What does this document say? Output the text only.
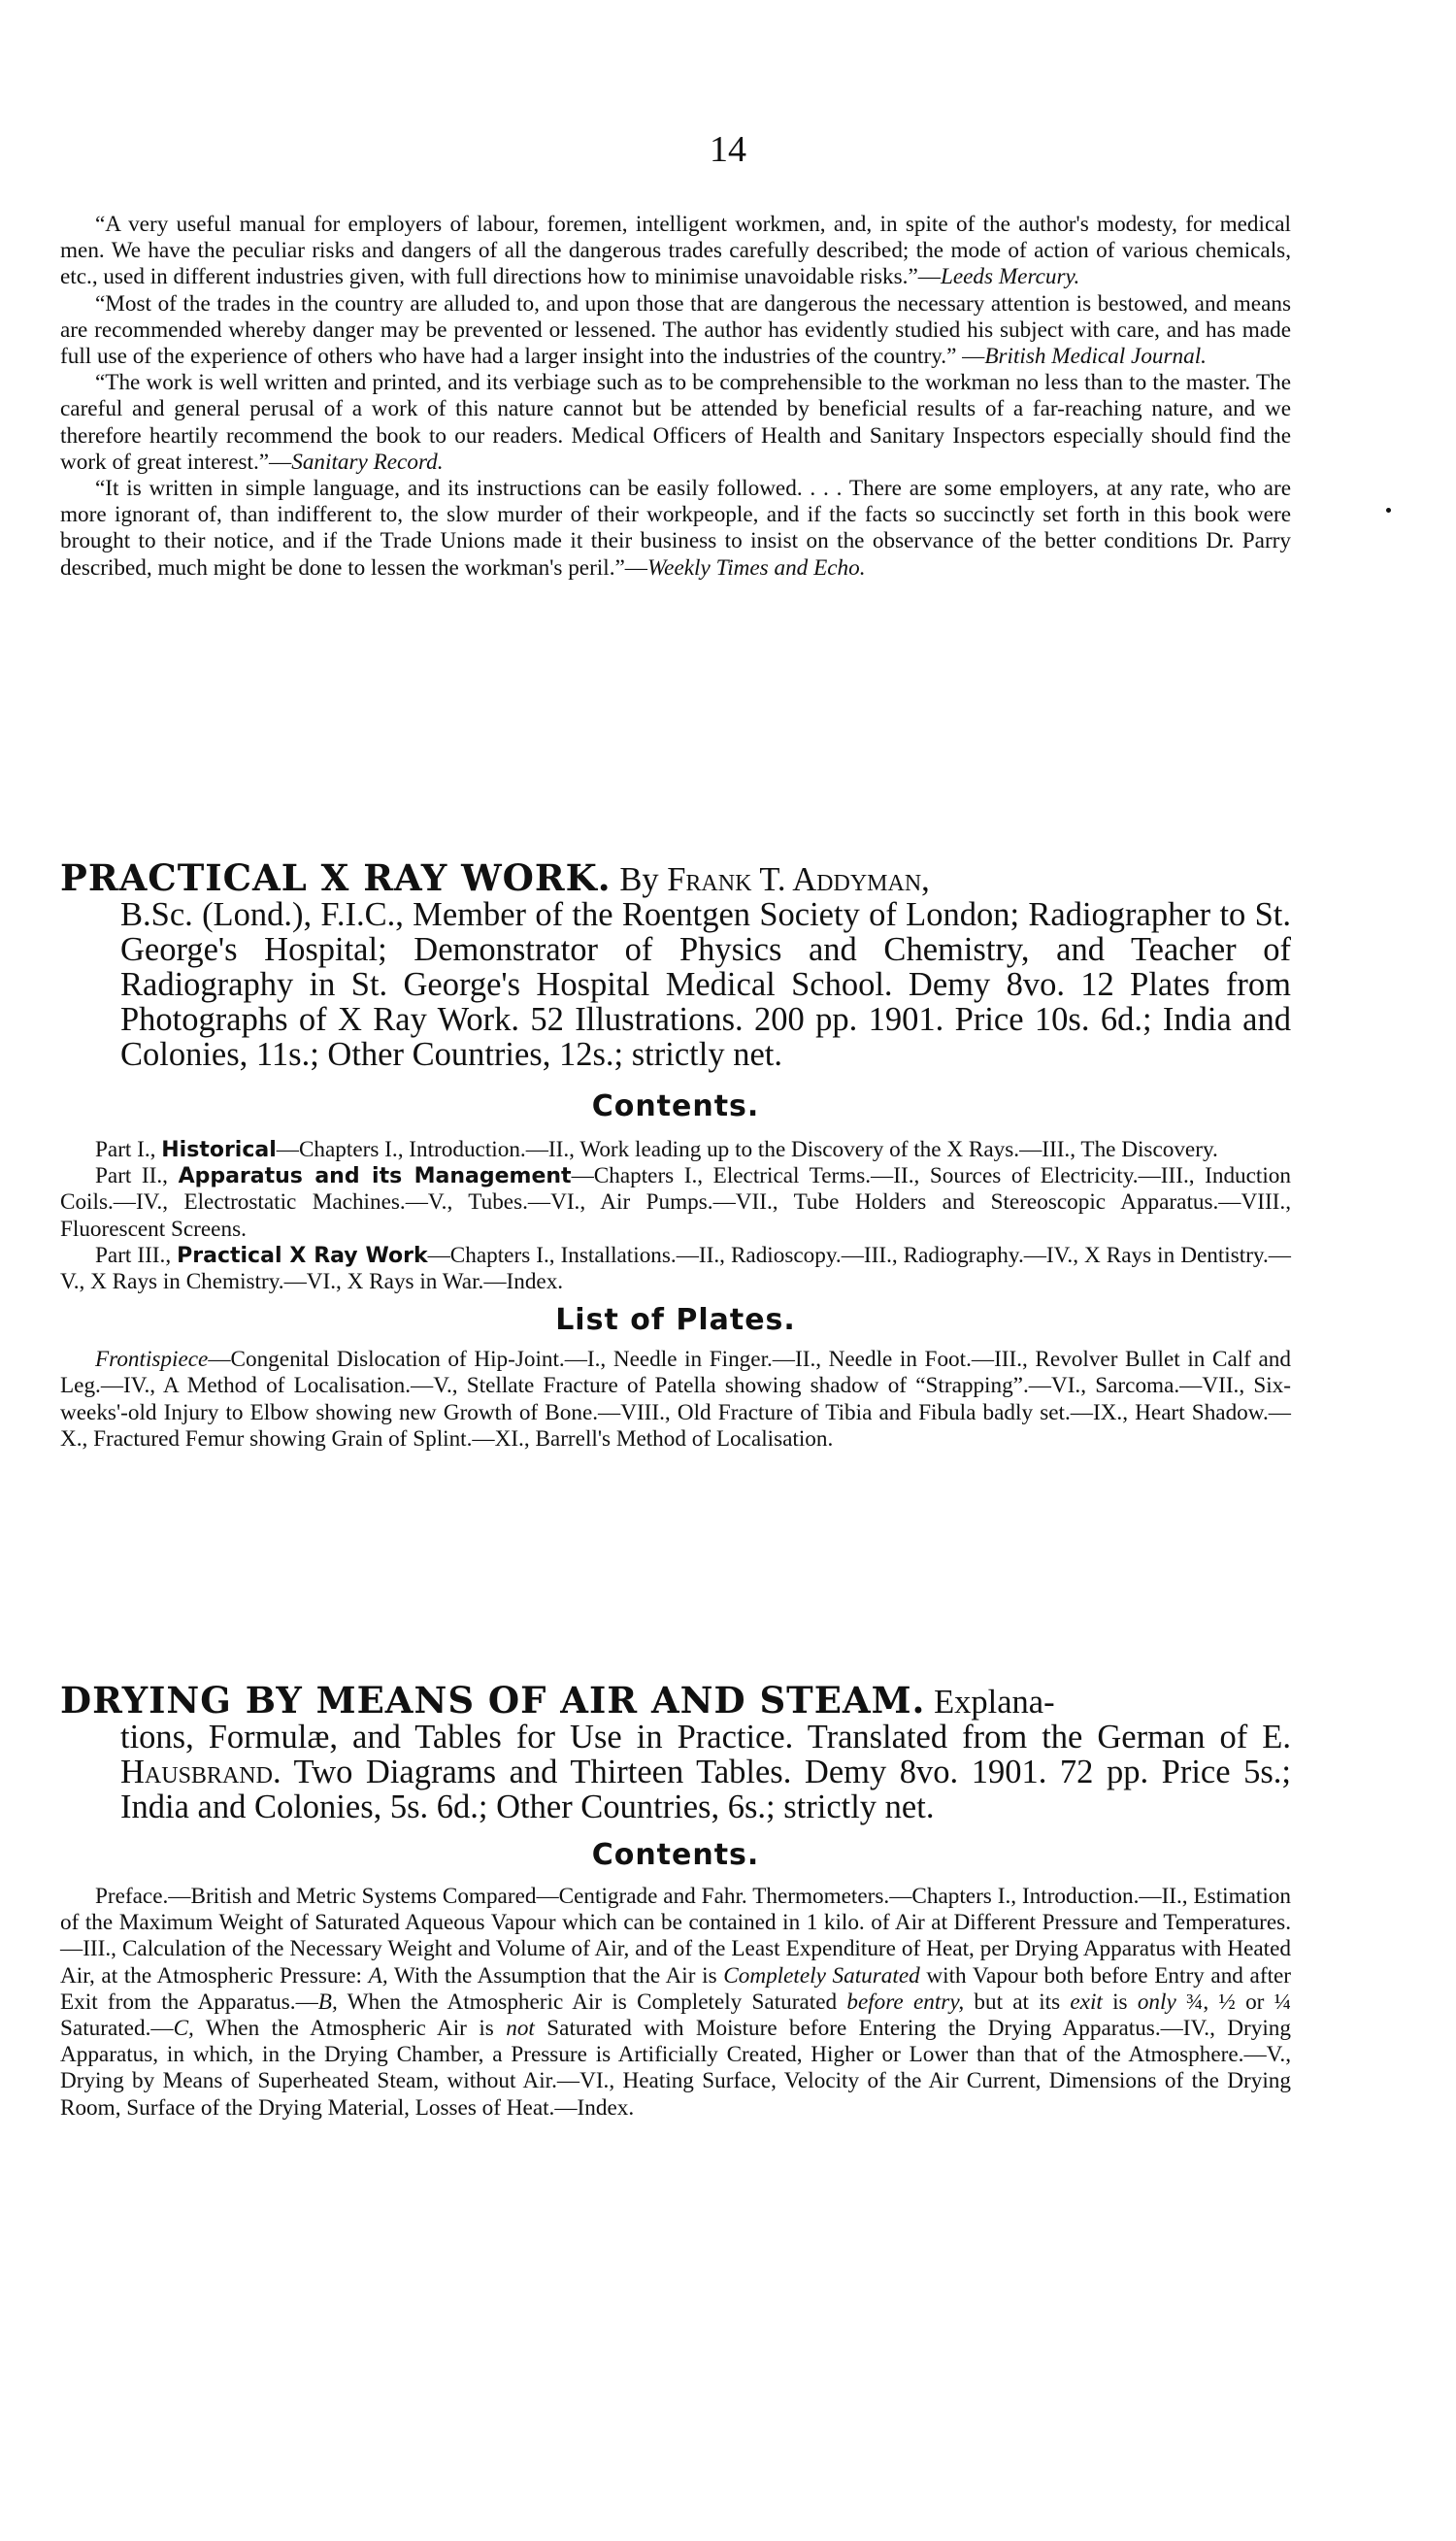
14

“A very useful manual for employers of labour, foremen, intelligent workmen, and, in spite of the author's modesty, for medical men. We have the peculiar risks and dangers of all the dangerous trades carefully described; the mode of action of various chemicals, etc., used in different industries given, with full directions how to minimise unavoidable risks.”—Leeds Mercury.

“Most of the trades in the country are alluded to, and upon those that are dangerous the necessary attention is bestowed, and means are recommended whereby danger may be prevented or lessened. The author has evidently studied his subject with care, and has made full use of the experience of others who have had a larger insight into the industries of the country.” —British Medical Journal.

“The work is well written and printed, and its verbiage such as to be comprehensible to the workman no less than to the master. The careful and general perusal of a work of this nature cannot but be attended by beneficial results of a far-reaching nature, and we therefore heartily recommend the book to our readers. Medical Officers of Health and Sanitary Inspectors especially should find the work of great interest.”—Sanitary Record.

“It is written in simple language, and its instructions can be easily followed. . . . There are some employers, at any rate, who are more ignorant of, than indifferent to, the slow murder of their workpeople, and if the facts so succinctly set forth in this book were brought to their notice, and if the Trade Unions made it their business to insist on the observance of the better conditions Dr. Parry described, much might be done to lessen the workman's peril.”—Weekly Times and Echo.

PRACTICAL X RAY WORK. By Frank T. Addyman,
B.Sc. (Lond.), F.I.C., Member of the Roentgen Society of London; Radiographer to St. George's Hospital; Demonstrator of Physics and Chemistry, and Teacher of Radiography in St. George's Hospital Medical School. Demy 8vo. 12 Plates from Photographs of X Ray Work. 52 Illustrations. 200 pp. 1901. Price 10s. 6d.; India and Colonies, 11s.; Other Countries, 12s.; strictly net.

Contents.

Part I., Historical—Chapters I., Introduction.—II., Work leading up to the Discovery of the X Rays.—III., The Discovery.

Part II., Apparatus and its Management—Chapters I., Electrical Terms.—II., Sources of Electricity.—III., Induction Coils.—IV., Electrostatic Machines.—V., Tubes.—VI., Air Pumps.—VII., Tube Holders and Stereoscopic Apparatus.—VIII., Fluorescent Screens.

Part III., Practical X Ray Work—Chapters I., Installations.—II., Radioscopy.—III., Radiography.—IV., X Rays in Dentistry.—V., X Rays in Chemistry.—VI., X Rays in War.—Index.

List of Plates.

Frontispiece—Congenital Dislocation of Hip-Joint.—I., Needle in Finger.—II., Needle in Foot.—III., Revolver Bullet in Calf and Leg.—IV., A Method of Localisation.—V., Stellate Fracture of Patella showing shadow of “Strapping”.—VI., Sarcoma.—VII., Six-weeks'-old Injury to Elbow showing new Growth of Bone.—VIII., Old Fracture of Tibia and Fibula badly set.—IX., Heart Shadow.—X., Fractured Femur showing Grain of Splint.—XI., Barrell's Method of Localisation.

DRYING BY MEANS OF AIR AND STEAM. Explana-
tions, Formulæ, and Tables for Use in Practice. Translated from the German of E. Hausbrand. Two Diagrams and Thirteen Tables. Demy 8vo. 1901. 72 pp. Price 5s.; India and Colonies, 5s. 6d.; Other Countries, 6s.; strictly net.

Contents.

Preface.—British and Metric Systems Compared—Centigrade and Fahr. Thermometers.—Chapters I., Introduction.—II., Estimation of the Maximum Weight of Saturated Aqueous Vapour which can be contained in 1 kilo. of Air at Different Pressure and Temperatures.—III., Calculation of the Necessary Weight and Volume of Air, and of the Least Expenditure of Heat, per Drying Apparatus with Heated Air, at the Atmospheric Pressure: A, With the Assumption that the Air is Completely Saturated with Vapour both before Entry and after Exit from the Apparatus.—B, When the Atmospheric Air is Completely Saturated before entry, but at its exit is only ¾, ½ or ¼ Saturated.—C, When the Atmospheric Air is not Saturated with Moisture before Entering the Drying Apparatus.—IV., Drying Apparatus, in which, in the Drying Chamber, a Pressure is Artificially Created, Higher or Lower than that of the Atmosphere.—V., Drying by Means of Superheated Steam, without Air.—VI., Heating Surface, Velocity of the Air Current, Dimensions of the Drying Room, Surface of the Drying Material, Losses of Heat.—Index.
